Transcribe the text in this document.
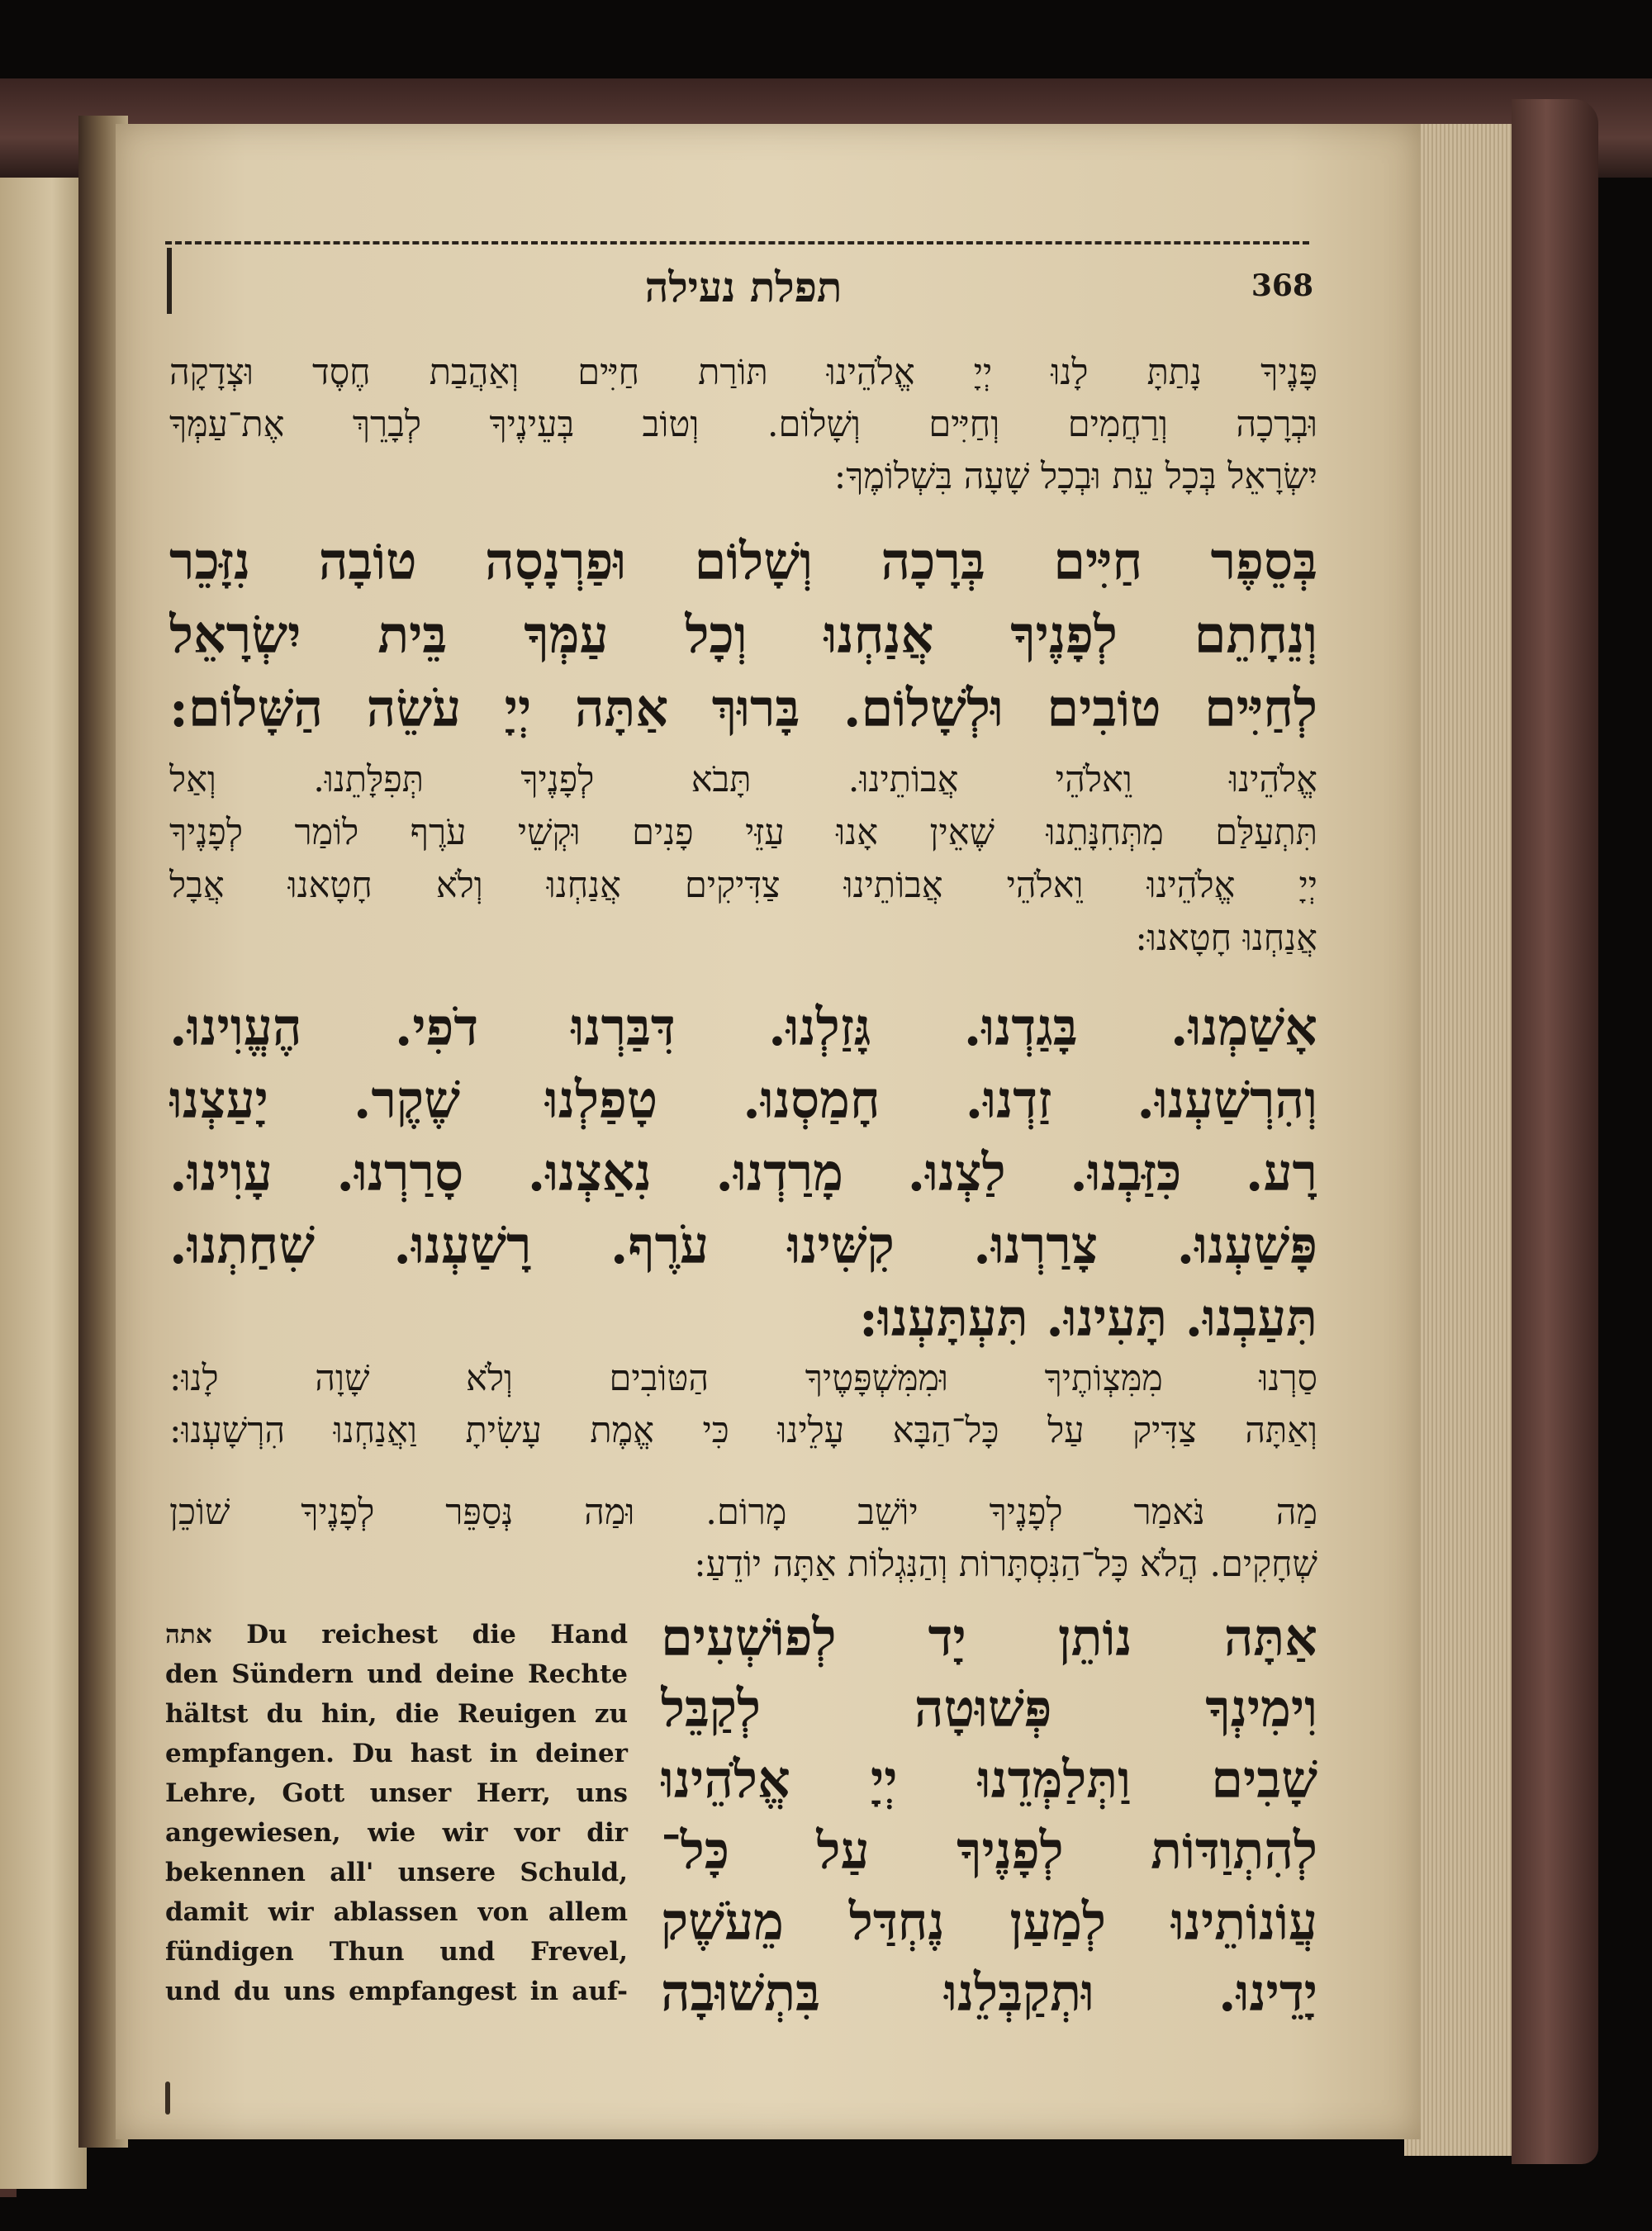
תפלת נעילה	368
פָּנֶיךָ נָתַתָּ לָנוּ יְיָ אֱלֹהֵינוּ תּוֹרַת חַיִּים וְאַהֲבַת חֶסֶד וּצְדָקָה
וּבְרָכָה וְרַחֲמִים וְחַיִּים וְשָׁלוֹם. וְטוֹב בְּעֵינֶיךָ לְבָרֵךְ אֶת־עַמְּךָ
יִשְׂרָאֵל בְּכָל עֵת וּבְכָל שָׁעָה בִּשְׁלוֹמֶךָ:
בְּסֵפֶר חַיִּים בְּרָכָה וְשָׁלוֹם וּפַרְנָסָה טוֹבָה נִזָּכֵר
וְנֵחָתֵם לְפָנֶיךָ אֲנַחְנוּ וְכָל עַמְּךָ בֵּית יִשְׂרָאֵל
לְחַיִּים טוֹבִים וּלְשָׁלוֹם. בָּרוּךְ אַתָּה יְיָ עֹשֵׂה הַשָּׁלוֹם:
אֱלֹהֵינוּ וֵאלֹהֵי אֲבוֹתֵינוּ. תָּבֹא לְפָנֶיךָ תְּפִלָּתֵנוּ. וְאַל
תִּתְעַלַּם מִתְּחִנָּתֵנוּ שֶׁאֵין אָנוּ עַזֵּי פָנִים וּקְשֵׁי עֹרֶף לוֹמַר לְפָנֶיךָ
יְיָ אֱלֹהֵינוּ וֵאלֹהֵי אֲבוֹתֵינוּ צַדִּיקִים אֲנַחְנוּ וְלֹא חָטָאנוּ אֲבָל
אֲנַחְנוּ חָטָאנוּ:
אָשַׁמְנוּ. בָּגַדְנוּ. גָּזַלְנוּ. דִּבַּרְנוּ דֹפִי. הֶעֱוִינוּ.
וְהִרְשַׁעְנוּ. זַדְנוּ. חָמַסְנוּ. טָפַלְנוּ שֶׁקֶר. יָעַצְנוּ
רָע. כִּזַּבְנוּ. לַצְנוּ. מָרַדְנוּ. נִאַצְנוּ. סָרַרְנוּ. עָוִינוּ.
פָּשַׁעְנוּ. צָרַרְנוּ. קִשִּׁינוּ עֹרֶף. רָשַׁעְנוּ. שִׁחַתְנוּ.
תִּעַבְנוּ. תָּעִינוּ. תִּעְתָּעְנוּ:
סַרְנוּ מִמִּצְוֹתֶיךָ וּמִמִּשְׁפָּטֶיךָ הַטּוֹבִים וְלֹא שָׁוָה לָנוּ:
וְאַתָּה צַדִּיק עַל כָּל־הַבָּא עָלֵינוּ כִּי אֱמֶת עָשִׂיתָ וַאֲנַחְנוּ הִרְשָׁעְנוּ:
מַה נֹּאמַר לְפָנֶיךָ יוֹשֵׁב מָרוֹם. וּמַה נְּסַפֵּר לְפָנֶיךָ שׁוֹכֵן
שְׁחָקִים. הֲלֹא כָּל־הַנִּסְתָּרוֹת וְהַנִּגְלוֹת אַתָּה יוֹדֵעַ:
אַתָּה נוֹתֵן יָד לְפוֹשְׁעִים
וִימִינְךָ פְּשׁוּטָה לְקַבֵּל
שָׁבִים וַתְּלַמְּדֵנוּ יְיָ אֱלֹהֵינוּ
לְהִתְוַדּוֹת לְפָנֶיךָ עַל כָּל־
עֲוֹנוֹתֵינוּ לְמַעַן נֶחְדַּל מֵעֹשֶׁק
יָדֵינוּ. וּתְקַבְּלֵנוּ בִּתְשׁוּבָה
אתה Du reichest die Hand
den Sündern und deine Rechte
hältst du hin, die Reuigen zu
empfangen. Du hast in deiner
Lehre, Gott unser Herr, uns
angewiesen, wie wir vor dir
bekennen all' unsere Schuld,
damit wir ablassen von allem
fündigen Thun und Frevel,
und du uns empfangest in auf-
